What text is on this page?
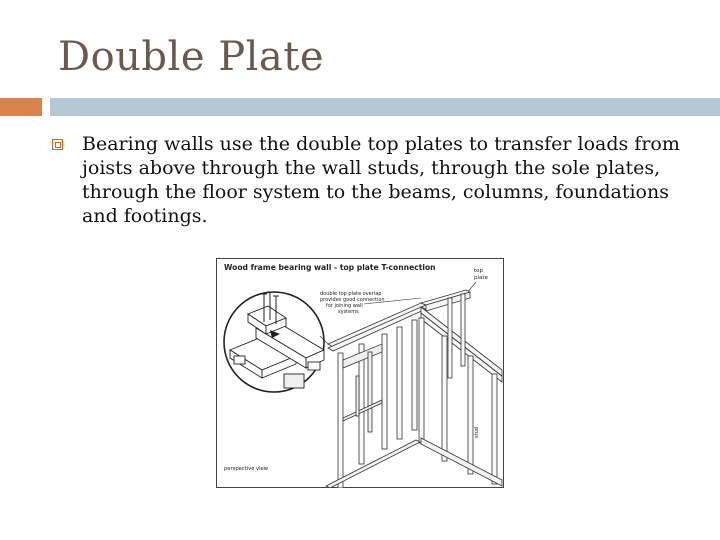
Double Plate

Bearing walls use the double top plates to transfer loads from joists above through the wall studs, through the sole plates, through the floor system to the beams, columns, foundations and footings.

Wood frame bearing wall - top plate T-connection	top
plate
double top plate overlap
provides good connection
for joining wall
systems
stud
perspective view
